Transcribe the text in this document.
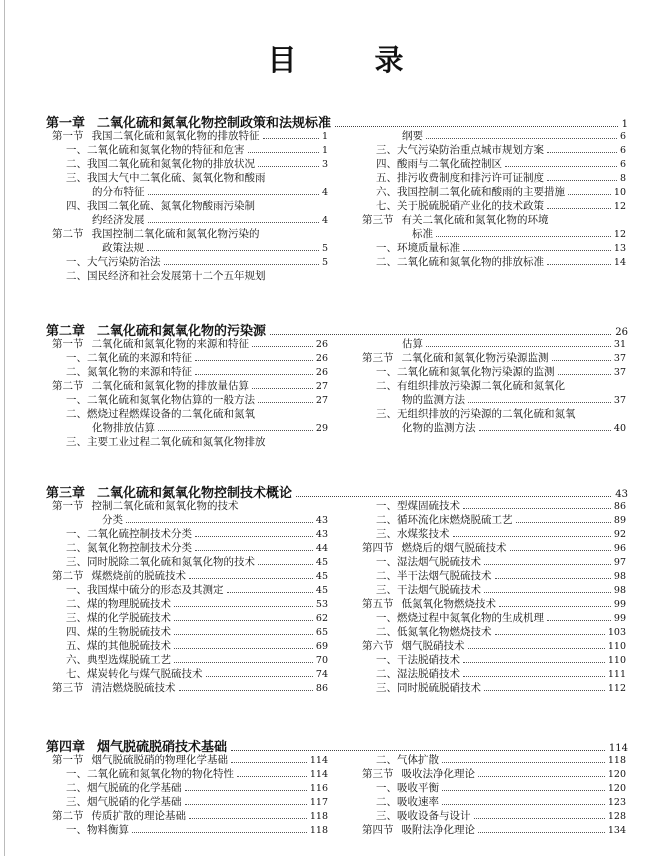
目 录
第一章 二氧化硫和氮氧化物控制政策和法规标准	1
第一节 我国二氧化硫和氮氧化物的排放特征	1
一、二氧化硫和氮氧化物的特征和危害	1
二、我国二氧化硫和氮氧化物的排放状况	3
三、我国大气中二氧化硫、氮氧化物和酸雨
的分布特征	4
四、我国二氧化硫、氮氧化物酸雨污染制
约经济发展	4
第二节 我国控制二氧化硫和氮氧化物污染的
政策法规	5
一、大气污染防治法	5
二、国民经济和社会发展第十二个五年规划
纲要	6
三、大气污染防治重点城市规划方案	6
四、酸雨与二氧化硫控制区	6
五、排污收费制度和排污许可证制度	8
六、我国控制二氧化硫和酸雨的主要措施	10
七、关于脱硫脱硝产业化的技术政策	12
第三节 有关二氧化硫和氮氧化物的环境
标准	12
一、环境质量标准	13
二、二氧化硫和氮氧化物的排放标准	14
第二章 二氧化硫和氮氧化物的污染源	26
第一节 二氧化硫和氮氧化物的来源和特征	26
一、二氧化硫的来源和特征	26
二、氮氧化物的来源和特征	26
第二节 二氧化硫和氮氧化物的排放量估算	27
一、二氧化硫和氮氧化物估算的一般方法	27
二、燃烧过程燃煤设备的二氧化硫和氮氧
化物排放估算	29
三、主要工业过程二氧化硫和氮氧化物排放
估算	31
第三节 二氧化硫和氮氧化物污染源监测	37
一、二氧化硫和氮氧化物污染源的监测	37
二、有组织排放污染源二氧化硫和氮氧化
物的监测方法	37
三、无组织排放的污染源的二氧化硫和氮氧
化物的监测方法	40
第三章 二氧化硫和氮氧化物控制技术概论	43
第一节 控制二氧化硫和氮氧化物的技术
分类	43
一、二氧化硫控制技术分类	43
二、氮氧化物控制技术分类	44
三、同时脱除二氧化硫和氮氧化物的技术	45
第二节 煤燃烧前的脱硫技术	45
一、我国煤中硫分的形态及其测定	45
二、煤的物理脱硫技术	53
三、煤的化学脱硫技术	62
四、煤的生物脱硫技术	65
五、煤的其他脱硫技术	69
六、典型选煤脱硫工艺	70
七、煤炭转化与煤气脱硫技术	74
第三节 清洁燃烧脱硫技术	86
一、型煤固硫技术	86
二、循环流化床燃烧脱硫工艺	89
三、水煤浆技术	92
第四节 燃烧后的烟气脱硫技术	96
一、湿法烟气脱硫技术	97
二、半干法烟气脱硫技术	98
三、干法烟气脱硫技术	98
第五节 低氮氧化物燃烧技术	99
一、燃烧过程中氮氧化物的生成机理	99
二、低氮氧化物燃烧技术	103
第六节 烟气脱硝技术	110
一、干法脱硝技术	110
二、湿法脱硝技术	111
三、同时脱硫脱硝技术	112
第四章 烟气脱硫脱硝技术基础	114
第一节 烟气脱硫脱硝的物理化学基础	114
一、二氧化硫和氮氧化物的物化特性	114
二、烟气脱硫的化学基础	116
三、烟气脱硝的化学基础	117
第二节 传质扩散的理论基础	118
一、物料衡算	118
二、气体扩散	118
第三节 吸收法净化理论	120
一、吸收平衡	120
二、吸收速率	123
三、吸收设备与设计	128
第四节 吸附法净化理论	134
